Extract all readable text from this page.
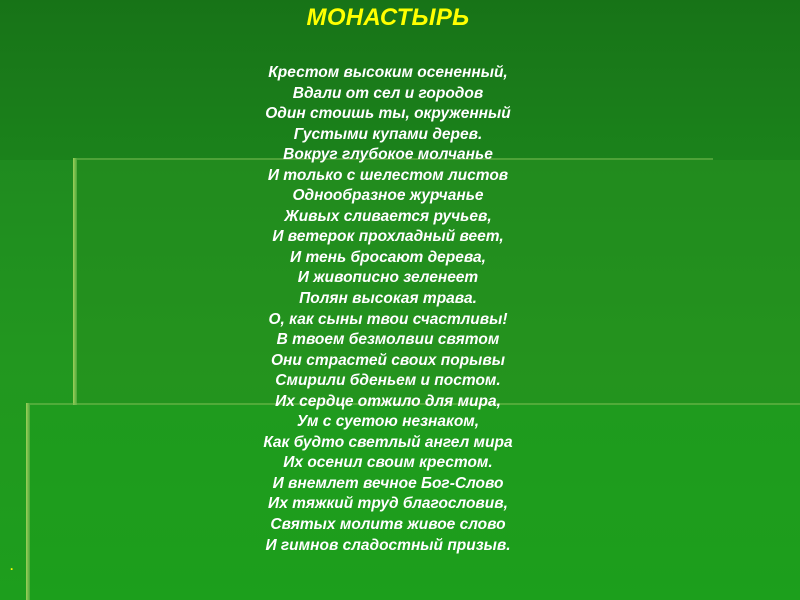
МОНАСТЫРЬ
Крестом высоким осененный,
Вдали от сел и городов
Один стоишь ты, окруженный
Густыми купами дерев.
Вокруг глубокое молчанье
И только с шелестом листов
Однообразное журчанье
Живых сливается ручьев,
И ветерок прохладный веет,
И тень бросают дерева,
И живописно зеленеет
Полян высокая трава.
О, как сыны твои счастливы!
В твоем безмолвии святом
Они страстей своих порывы
Смирили бденьем и постом.
Их сердце отжило для мира,
Ум с суетою незнаком,
Как будто светлый ангел мира
Их осенил своим крестом.
И внемлет вечное Бог-Слово
Их тяжкий труд благословив,
Святых молитв живое слово
И гимнов сладостный призыв.
·
